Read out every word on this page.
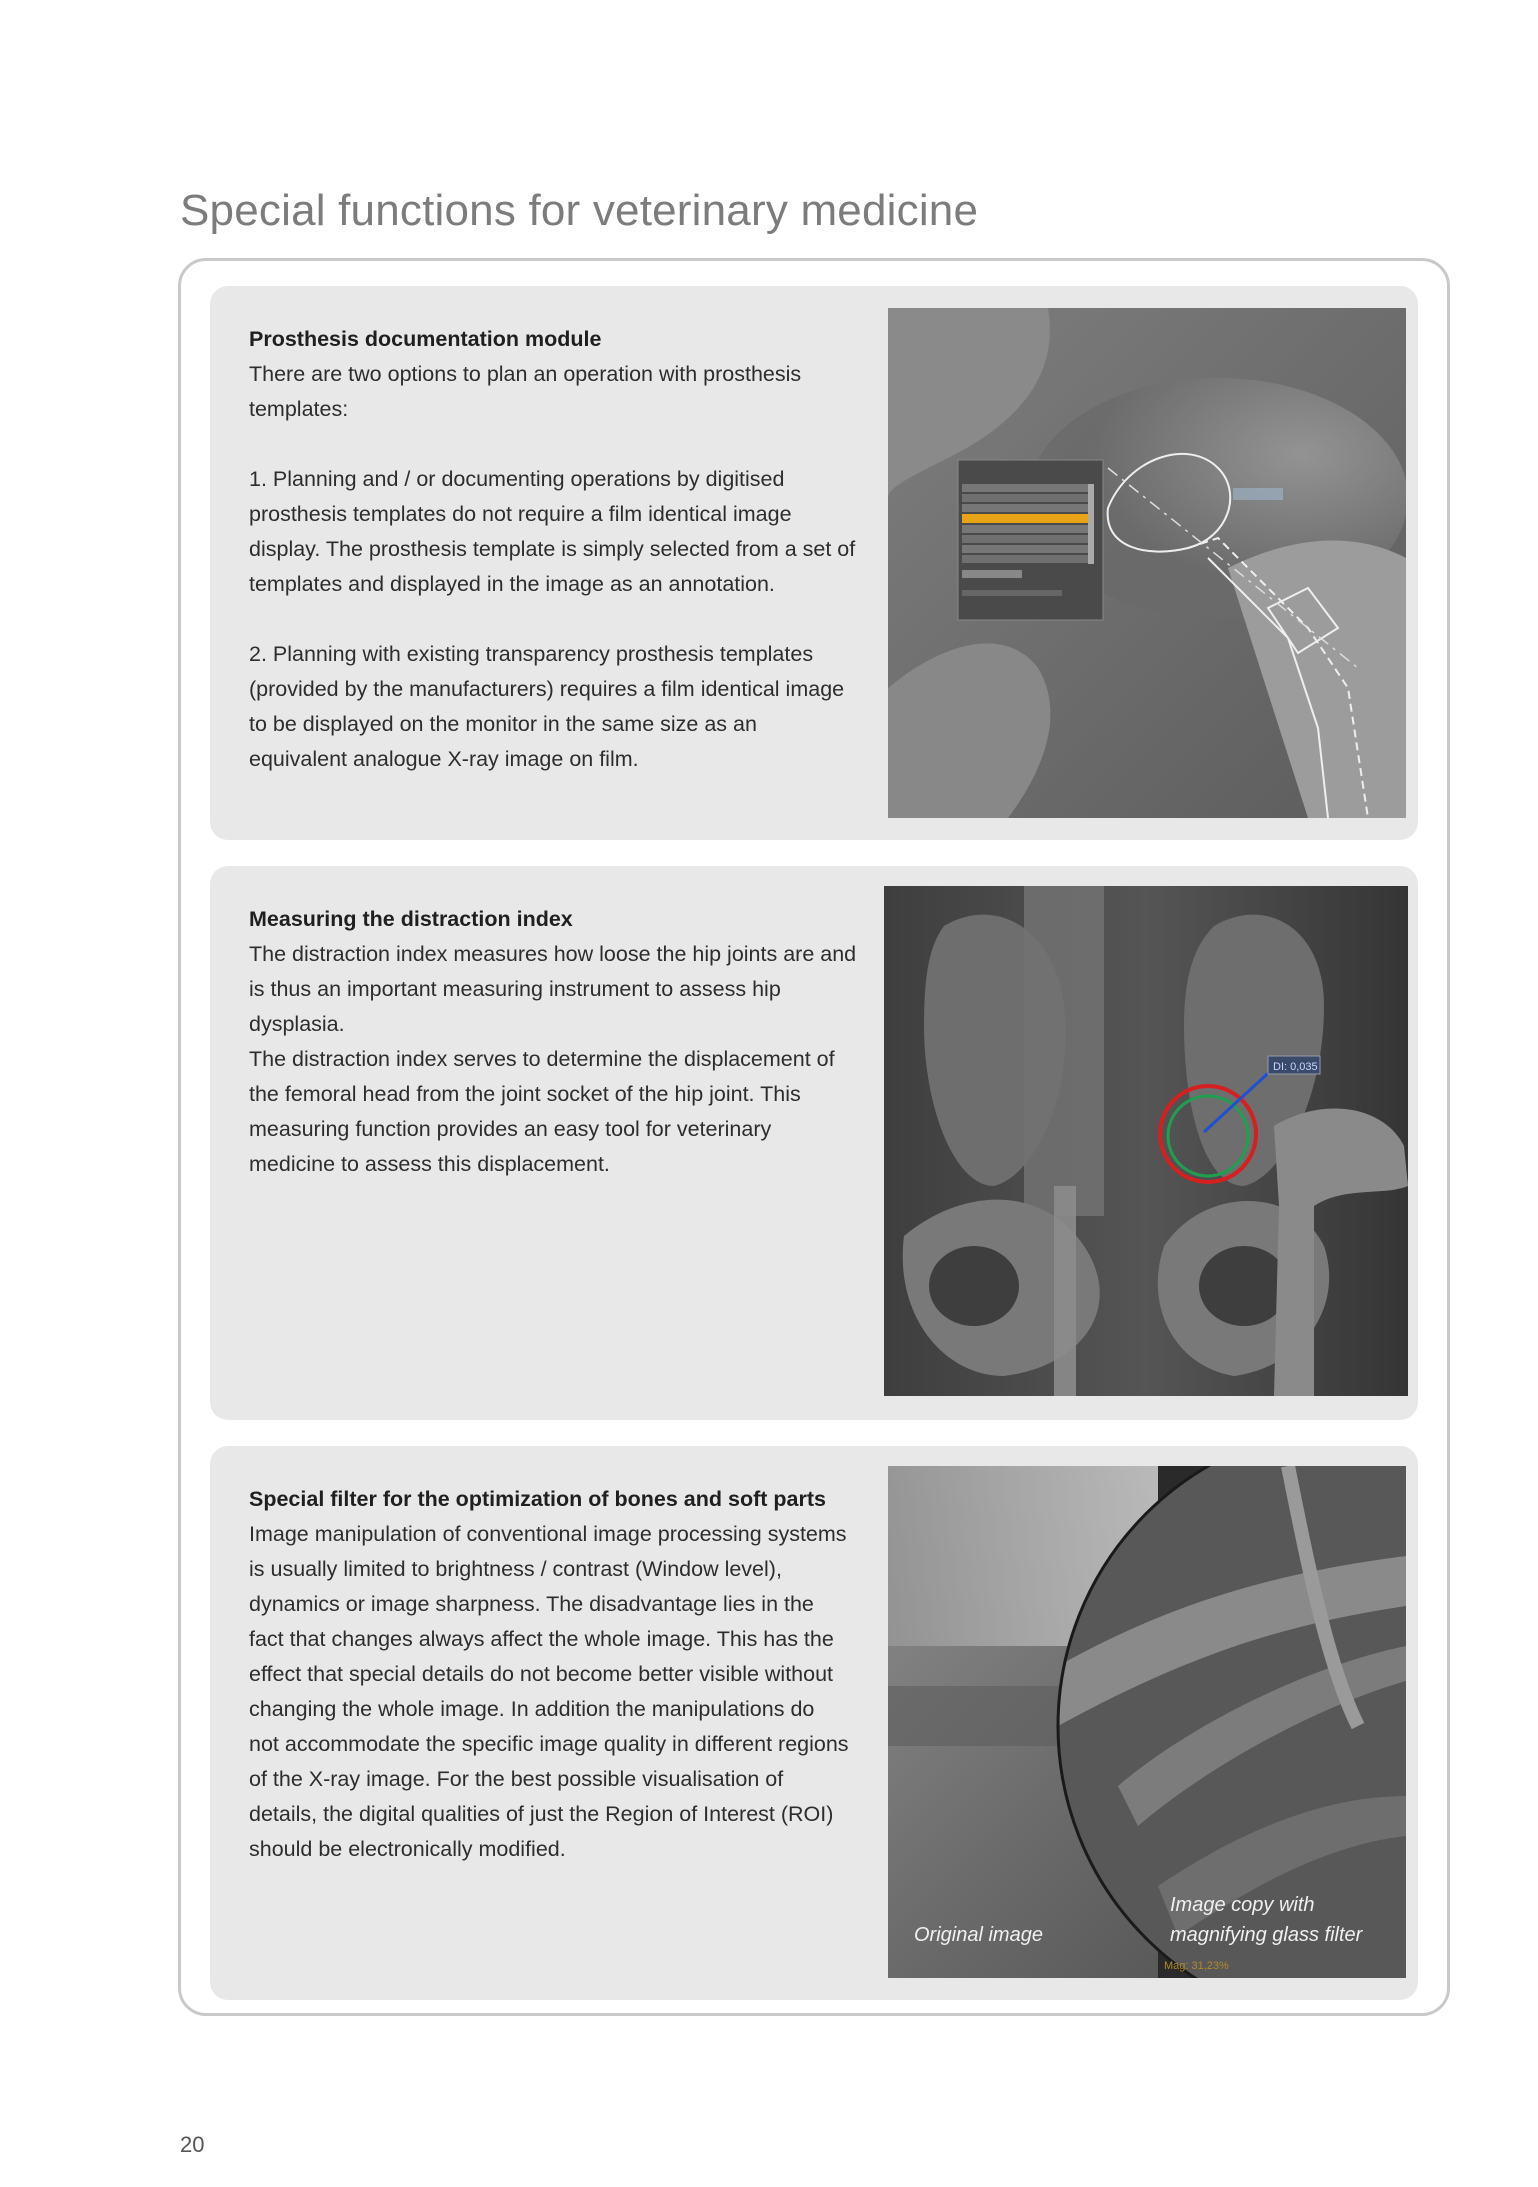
Special functions for veterinary medicine
Prosthesis documentation module

There are two options to plan an operation with prosthesis templates:

1. Planning and / or documenting operations by digitised prosthesis templates do not require a film identical image display. The prosthesis template is simply selected from a set of templates and displayed in the image as an annotation.

2. Planning with existing transparency prosthesis templates (provided by the manufacturers) requires a film identical image to be displayed on the monitor in the same size as an equivalent analogue X-ray image on film.

Measuring the distraction index

The distraction index measures how loose the hip joints are and is thus an important measuring instrument to assess hip dysplasia.

The distraction index serves to determine the displacement of the femoral head from the joint socket of the hip joint. This measuring function provides an easy tool for veterinary medicine to assess this displacement.

DI: 0,035
Special filter for the optimization of bones and soft parts

Image manipulation of conventional image processing systems is usually limited to brightness / contrast (Window level), dynamics or image sharpness. The disadvantage lies in the fact that changes always affect the whole image. This has the effect that special details do not become better visible without changing the whole image. In addition the manipulations do not accommodate the specific image quality in different regions of the X-ray image. For the best possible visualisation of details, the digital qualities of just the Region of Interest (ROI) should be electronically modified.

Original image
Image copy with magnifying glass filter
Mag: 31,23%
20
